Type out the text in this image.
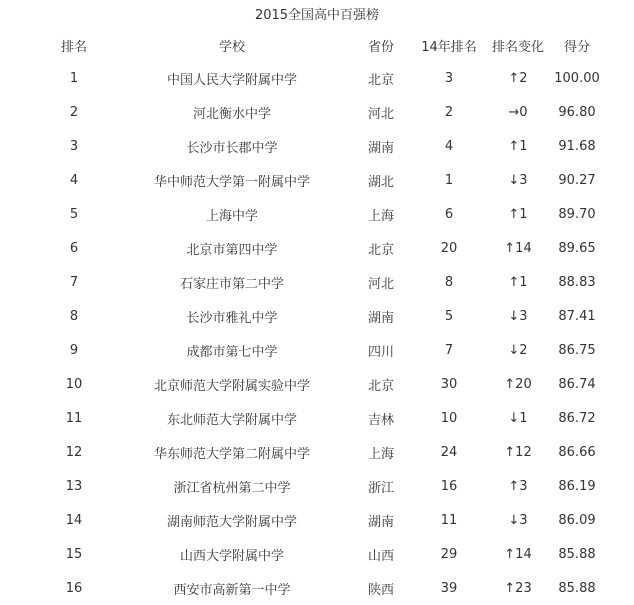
2015全国高中百强榜
排名	学校	省份	14年排名	排名变化	得分
1	中国人民大学附属中学	北京	3	↑2	100.00
2	河北衡水中学	河北	2	→0	96.80
3	长沙市长郡中学	湖南	4	↑1	91.68
4	华中师范大学第一附属中学	湖北	1	↓3	90.27
5	上海中学	上海	6	↑1	89.70
6	北京市第四中学	北京	20	↑14	89.65
7	石家庄市第二中学	河北	8	↑1	88.83
8	长沙市雅礼中学	湖南	5	↓3	87.41
9	成都市第七中学	四川	7	↓2	86.75
10	北京师范大学附属实验中学	北京	30	↑20	86.74
11	东北师范大学附属中学	吉林	10	↓1	86.72
12	华东师范大学第二附属中学	上海	24	↑12	86.66
13	浙江省杭州第二中学	浙江	16	↑3	86.19
14	湖南师范大学附属中学	湖南	11	↓3	86.09
15	山西大学附属中学	山西	29	↑14	85.88
16	西安市高新第一中学	陕西	39	↑23	85.88
